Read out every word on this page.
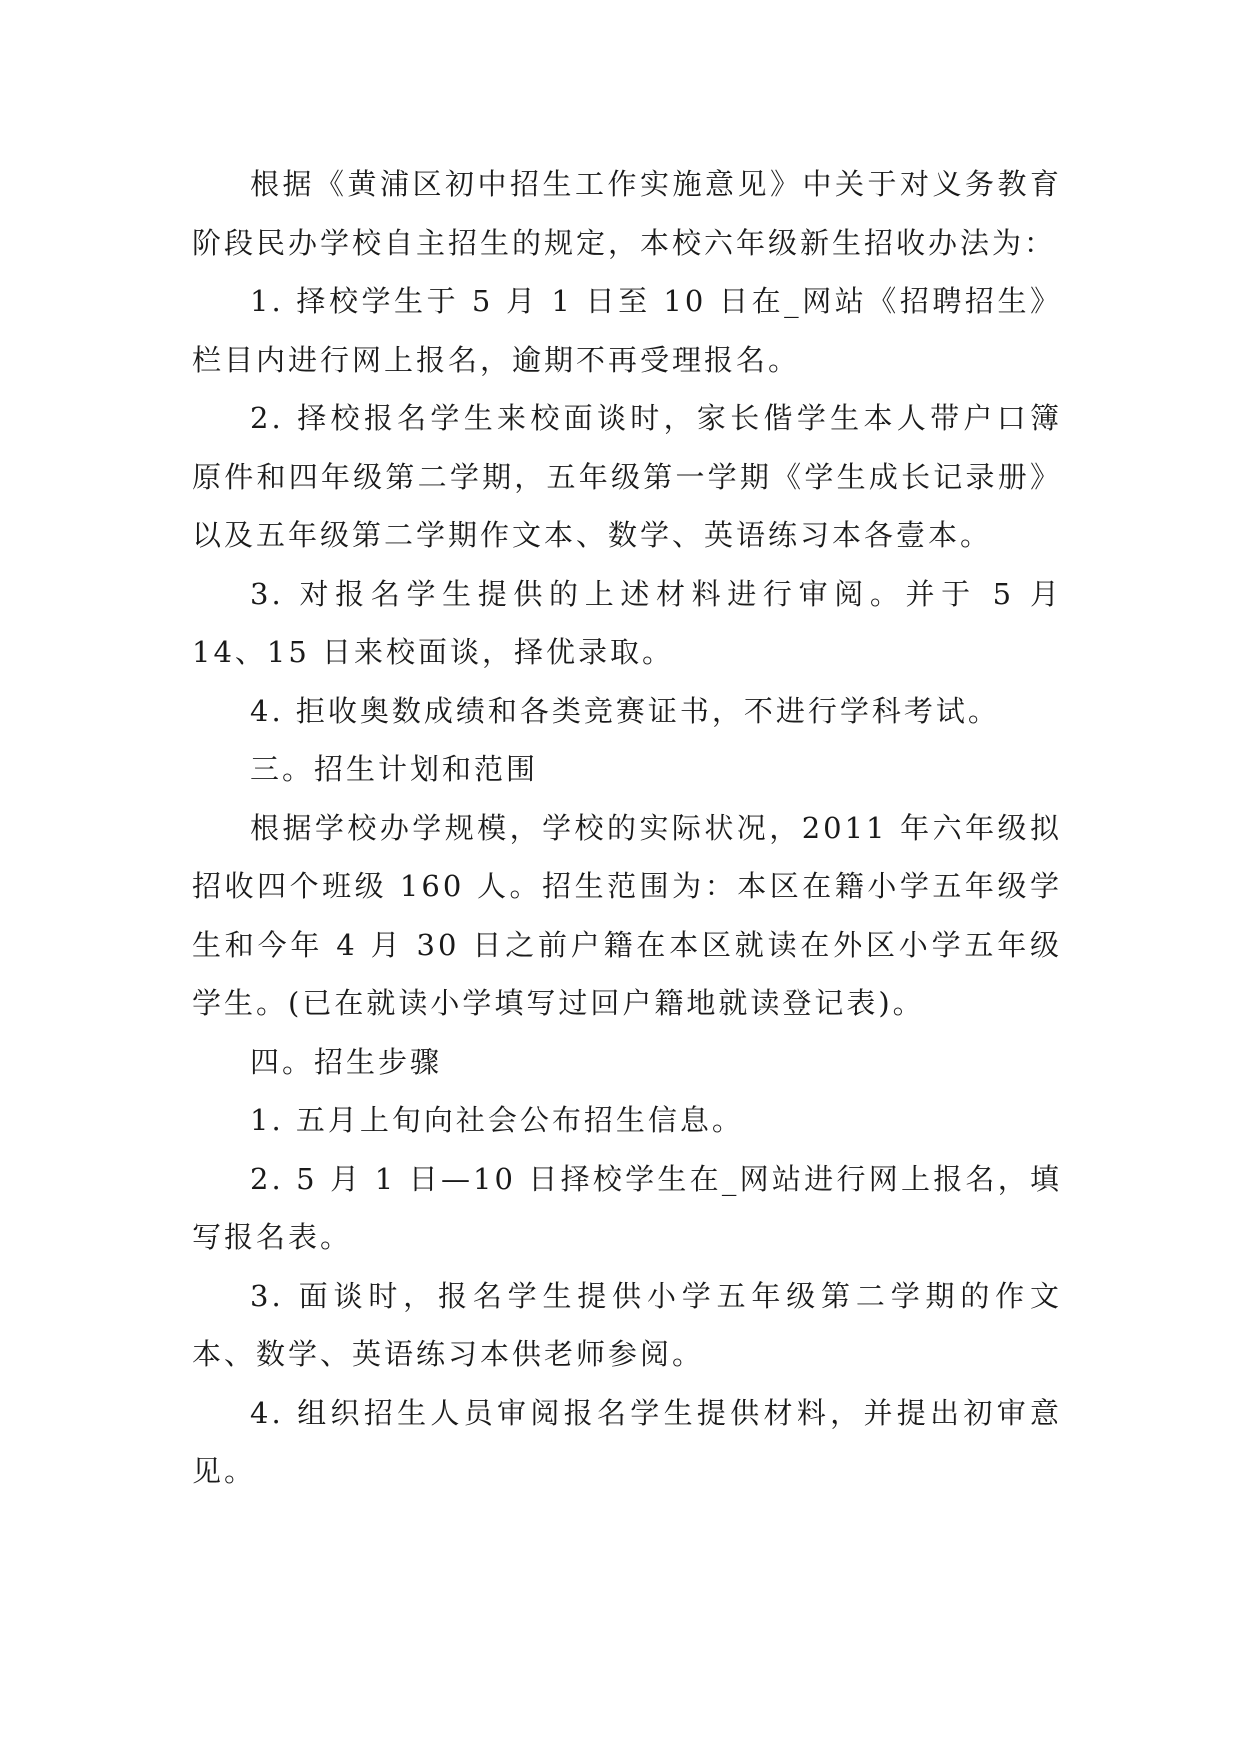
根据《黄浦区初中招生工作实施意见》中关于对义务教育阶段民办学校自主招生的规定，本校六年级新生招收办法为：

1. 择校学生于 5 月 1 日至 10 日在_网站《招聘招生》栏目内进行网上报名，逾期不再受理报名。

2. 择校报名学生来校面谈时，家长偕学生本人带户口簿原件和四年级第二学期，五年级第一学期《学生成长记录册》以及五年级第二学期作文本、数学、英语练习本各壹本。

3. 对报名学生提供的上述材料进行审阅。并于 5 月 14、15 日来校面谈，择优录取。

4. 拒收奥数成绩和各类竞赛证书，不进行学科考试。

三。招生计划和范围

根据学校办学规模，学校的实际状况，2011 年六年级拟招收四个班级 160 人。招生范围为：本区在籍小学五年级学生和今年 4 月 30 日之前户籍在本区就读在外区小学五年级学生。(已在就读小学填写过回户籍地就读登记表)。

四。招生步骤

1. 五月上旬向社会公布招生信息。

2. 5 月 1 日—10 日择校学生在_网站进行网上报名，填写报名表。

3. 面谈时，报名学生提供小学五年级第二学期的作文本、数学、英语练习本供老师参阅。

4. 组织招生人员审阅报名学生提供材料，并提出初审意见。
